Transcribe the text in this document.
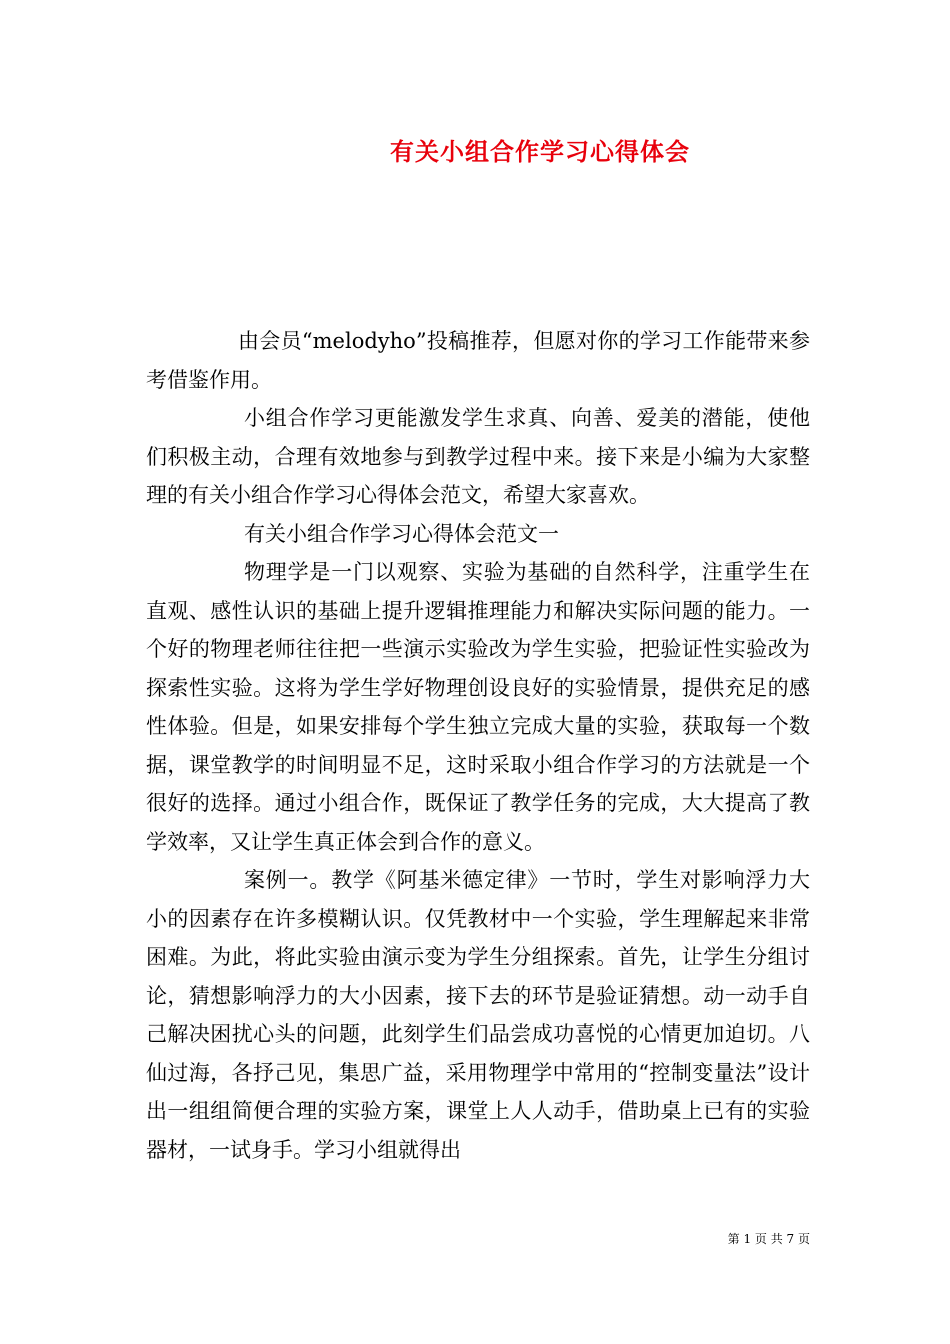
有关小组合作学习心得体会

由会员“melodyho”投稿推荐，但愿对你的学习工作能带来参考借鉴作用。

小组合作学习更能激发学生求真、向善、爱美的潜能，使他们积极主动，合理有效地参与到教学过程中来。接下来是小编为大家整理的有关小组合作学习心得体会范文，希望大家喜欢。

有关小组合作学习心得体会范文一

物理学是一门以观察、实验为基础的自然科学，注重学生在直观、感性认识的基础上提升逻辑推理能力和解决实际问题的能力。一个好的物理老师往往把一些演示实验改为学生实验，把验证性实验改为探索性实验。这将为学生学好物理创设良好的实验情景，提供充足的感性体验。但是，如果安排每个学生独立完成大量的实验，获取每一个数据，课堂教学的时间明显不足，这时采取小组合作学习的方法就是一个很好的选择。通过小组合作，既保证了教学任务的完成，大大提高了教学效率，又让学生真正体会到合作的意义。

案例一。教学《阿基米德定律》一节时，学生对影响浮力大小的因素存在许多模糊认识。仅凭教材中一个实验，学生理解起来非常困难。为此，将此实验由演示变为学生分组探索。首先，让学生分组讨论，猜想影响浮力的大小因素，接下去的环节是验证猜想。动一动手自己解决困扰心头的问题，此刻学生们品尝成功喜悦的心情更加迫切。八仙过海，各抒己见，集思广益，采用物理学中常用的“控制变量法”设计出一组组简便合理的实验方案，课堂上人人动手，借助桌上已有的实验器材，一试身手。学习小组就得出

第 1 页 共 7 页
